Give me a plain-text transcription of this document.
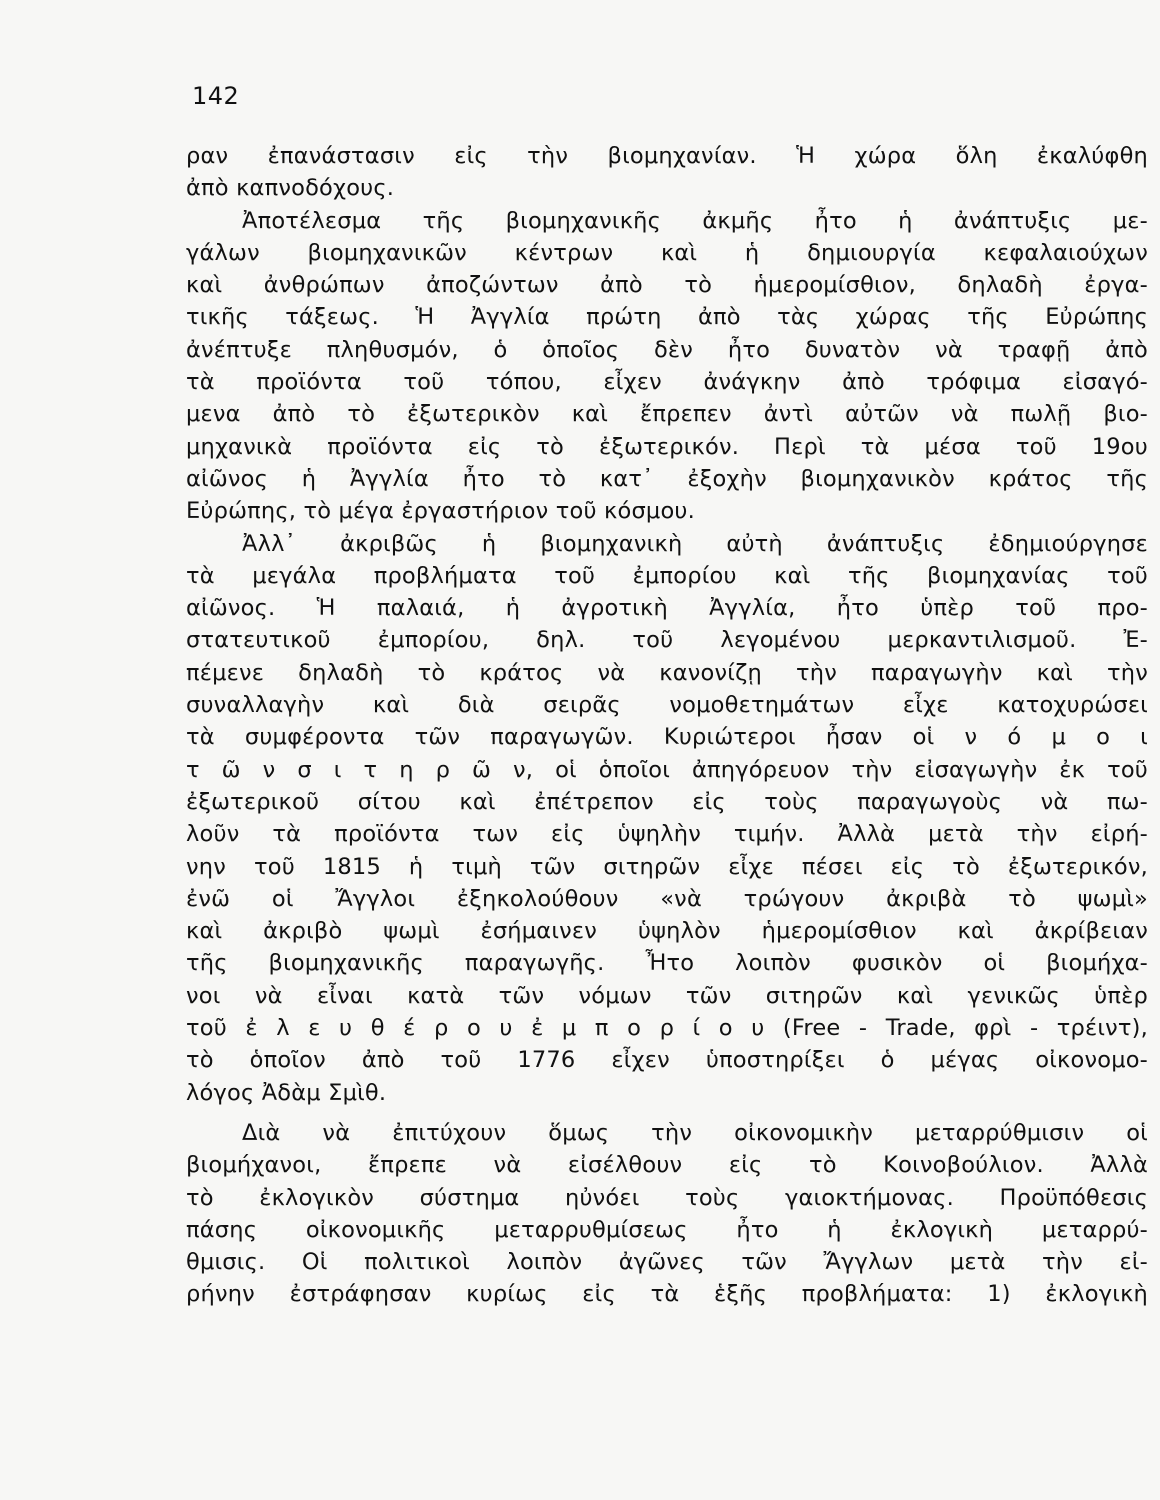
142
ραν ἐπανάστασιν εἰς τὴν βιομηχανίαν. Ἡ χώρα ὅλη ἐκαλύφθη
ἀπὸ καπνοδόχους.
Ἀποτέλεσμα τῆς βιομηχανικῆς ἀκμῆς ἦτο ἡ ἀνάπτυξις με-
γάλων βιομηχανικῶν κέντρων καὶ ἡ δημιουργία κεφαλαιούχων
καὶ ἀνθρώπων ἀποζώντων ἀπὸ τὸ ἡμερομίσθιον, δηλαδὴ ἐργα-
τικῆς τάξεως. Ἡ Ἀγγλία πρώτη ἀπὸ τὰς χώρας τῆς Εὐρώπης
ἀνέπτυξε πληθυσμόν, ὁ ὁποῖος δὲν ἦτο δυνατὸν νὰ τραφῇ ἀπὸ
τὰ προϊόντα τοῦ τόπου, εἶχεν ἀνάγκην ἀπὸ τρόφιμα εἰσαγό-
μενα ἀπὸ τὸ ἐξωτερικὸν καὶ ἔπρεπεν ἀντὶ αὐτῶν νὰ πωλῇ βιο-
μηχανικὰ προϊόντα εἰς τὸ ἐξωτερικόν. Περὶ τὰ μέσα τοῦ 19ου
αἰῶνος ἡ Ἀγγλία ἦτο τὸ κατ᾽ ἐξοχὴν βιομηχανικὸν κράτος τῆς
Εὐρώπης, τὸ μέγα ἐργαστήριον τοῦ κόσμου.
Ἀλλ᾽ ἀκριβῶς ἡ βιομηχανικὴ αὐτὴ ἀνάπτυξις ἐδημιούργησε
τὰ μεγάλα προβλήματα τοῦ ἐμπορίου καὶ τῆς βιομηχανίας τοῦ
αἰῶνος. Ἡ παλαιά, ἡ ἀγροτικὴ Ἀγγλία, ἦτο ὑπὲρ τοῦ προ-
στατευτικοῦ ἐμπορίου, δηλ. τοῦ λεγομένου μερκαντιλισμοῦ. Ἐ-
πέμενε δηλαδὴ τὸ κράτος νὰ κανονίζῃ τὴν παραγωγὴν καὶ τὴν
συναλλαγὴν καὶ διὰ σειρᾶς νομοθετημάτων εἶχε κατοχυρώσει
τὰ συμφέροντα τῶν παραγωγῶν. Κυριώτεροι ἦσαν οἱ ν ό μ ο ι
τ ῶ ν σ ι τ η ρ ῶ ν, οἱ ὁποῖοι ἀπηγόρευον τὴν εἰσαγωγὴν ἐκ τοῦ
ἐξωτερικοῦ σίτου καὶ ἐπέτρεπον εἰς τοὺς παραγωγοὺς νὰ πω-
λοῦν τὰ προϊόντα των εἰς ὑψηλὴν τιμήν. Ἀλλὰ μετὰ τὴν εἰρή-
νην τοῦ 1815 ἡ τιμὴ τῶν σιτηρῶν εἶχε πέσει εἰς τὸ ἐξωτερικόν,
ἐνῶ οἱ Ἄγγλοι ἐξηκολούθουν «νὰ τρώγουν ἀκριβὰ τὸ ψωμὶ»
καὶ ἀκριβὸ ψωμὶ ἐσήμαινεν ὑψηλὸν ἡμερομίσθιον καὶ ἀκρίβειαν
τῆς βιομηχανικῆς παραγωγῆς. Ἦτο λοιπὸν φυσικὸν οἱ βιομήχα-
νοι νὰ εἶναι κατὰ τῶν νόμων τῶν σιτηρῶν καὶ γενικῶς ὑπὲρ
τοῦ ἐ λ ε υ θ έ ρ ο υ ἐ μ π ο ρ ί ο υ (Free - Trade, φρὶ - τρέιντ),
τὸ ὁποῖον ἀπὸ τοῦ 1776 εἶχεν ὑποστηρίξει ὁ μέγας οἰκονομο-
λόγος Ἀδὰμ Σμὶθ.
Διὰ νὰ ἐπιτύχουν ὅμως τὴν οἰκονομικὴν μεταρρύθμισιν οἱ
βιομήχανοι, ἔπρεπε νὰ εἰσέλθουν εἰς τὸ Κοινοβούλιον. Ἀλλὰ
τὸ ἐκλογικὸν σύστημα ηὐνόει τοὺς γαιοκτήμονας. Προϋπόθεσις
πάσης οἰκονομικῆς μεταρρυθμίσεως ἦτο ἡ ἐκλογικὴ μεταρρύ-
θμισις. Οἱ πολιτικοὶ λοιπὸν ἀγῶνες τῶν Ἄγγλων μετὰ τὴν εἰ-
ρήνην ἐστράφησαν κυρίως εἰς τὰ ἑξῆς προβλήματα: 1) ἐκλογικὴ
